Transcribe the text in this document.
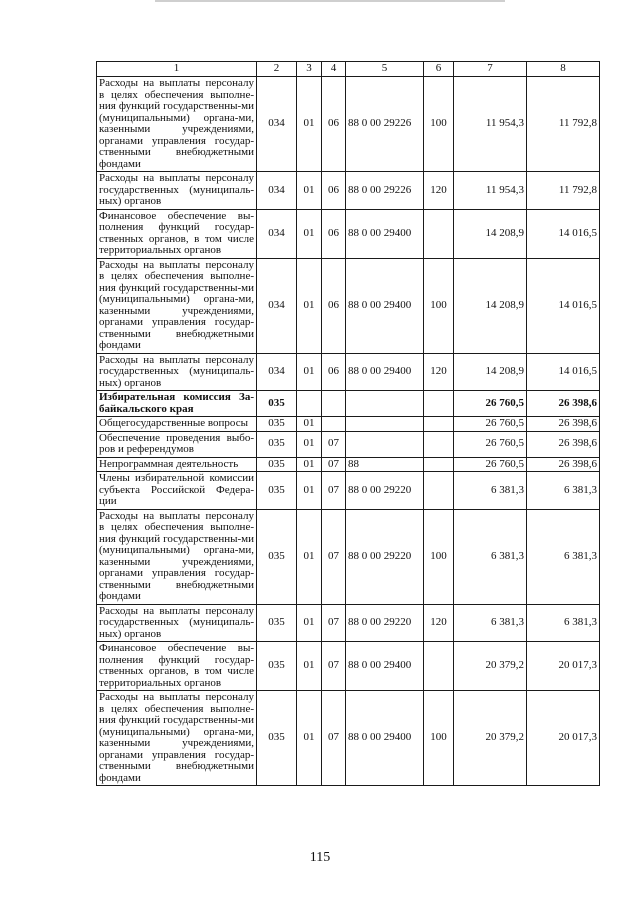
1	2	3	4	5	6	7	8
Расходы на выплаты персоналу в целях обеспечения выполне-ния функций государственны-ми (муниципальными) органа-ми, казенными учреждениями, органами управления государ-ственными внебюджетными фондами	034	01	06	88 0 00 29226	100	11 954,3	11 792,8
Расходы на выплаты персоналу государственных (муниципаль-ных) органов	034	01	06	88 0 00 29226	120	11 954,3	11 792,8
Финансовое обеспечение вы-полнения функций государ-ственных органов, в том числе территориальных органов	034	01	06	88 0 00 29400		14 208,9	14 016,5
Расходы на выплаты персоналу в целях обеспечения выполне-ния функций государственны-ми (муниципальными) органа-ми, казенными учреждениями, органами управления государ-ственными внебюджетными фондами	034	01	06	88 0 00 29400	100	14 208,9	14 016,5
Расходы на выплаты персоналу государственных (муниципаль-ных) органов	034	01	06	88 0 00 29400	120	14 208,9	14 016,5
Избирательная комиссия За-байкальского края	035					26 760,5	26 398,6
Общегосударственные вопросы	035	01				26 760,5	26 398,6
Обеспечение проведения выбо-ров и референдумов	035	01	07			26 760,5	26 398,6
Непрограммная деятельность	035	01	07	88		26 760,5	26 398,6
Члены избирательной комиссии субъекта Российской Федера-ции	035	01	07	88 0 00 29220		6 381,3	6 381,3
Расходы на выплаты персоналу в целях обеспечения выполне-ния функций государственны-ми (муниципальными) органа-ми, казенными учреждениями, органами управления государ-ственными внебюджетными фондами	035	01	07	88 0 00 29220	100	6 381,3	6 381,3
Расходы на выплаты персоналу государственных (муниципаль-ных) органов	035	01	07	88 0 00 29220	120	6 381,3	6 381,3
Финансовое обеспечение вы-полнения функций государ-ственных органов, в том числе территориальных органов	035	01	07	88 0 00 29400		20 379,2	20 017,3
Расходы на выплаты персоналу в целях обеспечения выполне-ния функций государственны-ми (муниципальными) органа-ми, казенными учреждениями, органами управления государ-ственными внебюджетными фондами	035	01	07	88 0 00 29400	100	20 379,2	20 017,3
115
